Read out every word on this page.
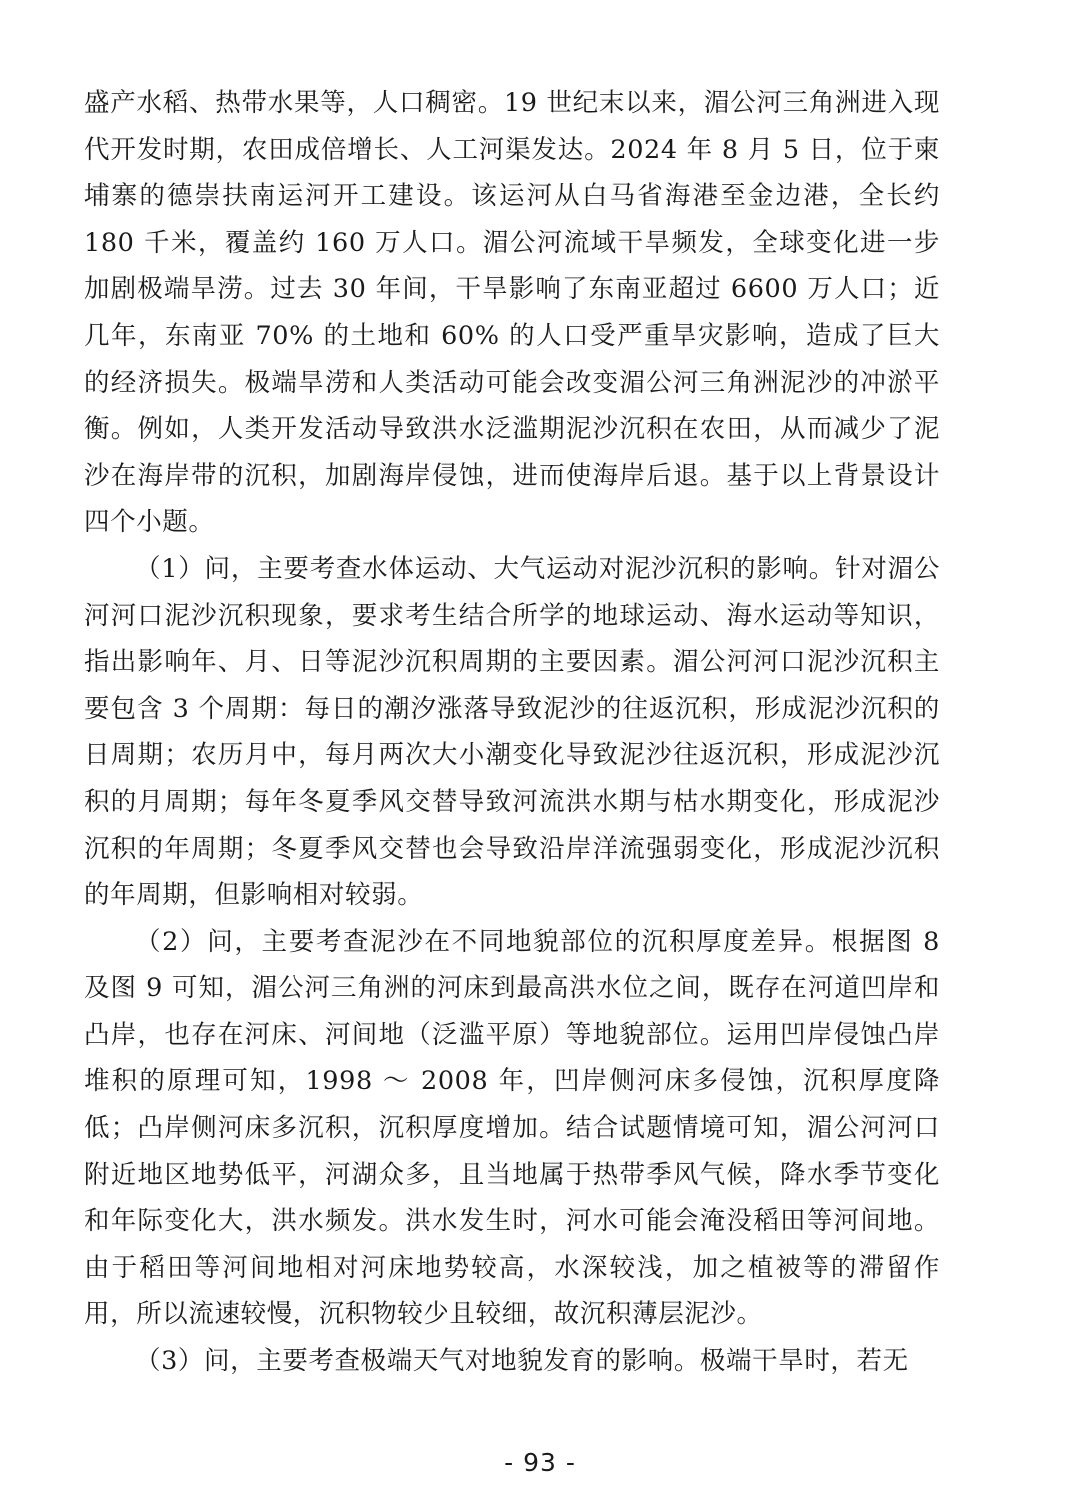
盛产水稻、热带水果等，人口稠密。19 世纪末以来，湄公河三角洲进入现代开发时期，农田成倍增长、人工河渠发达。2024 年 8 月 5 日，位于柬埔寨的德崇扶南运河开工建设。该运河从白马省海港至金边港，全长约 180 千米，覆盖约 160 万人口。湄公河流域干旱频发，全球变化进一步加剧极端旱涝。过去 30 年间，干旱影响了东南亚超过 6600 万人口；近几年，东南亚 70% 的土地和 60% 的人口受严重旱灾影响，造成了巨大的经济损失。极端旱涝和人类活动可能会改变湄公河三角洲泥沙的冲淤平衡。例如，人类开发活动导致洪水泛滥期泥沙沉积在农田，从而减少了泥沙在海岸带的沉积，加剧海岸侵蚀，进而使海岸后退。基于以上背景设计四个小题。

（1）问，主要考查水体运动、大气运动对泥沙沉积的影响。针对湄公河河口泥沙沉积现象，要求考生结合所学的地球运动、海水运动等知识，指出影响年、月、日等泥沙沉积周期的主要因素。湄公河河口泥沙沉积主要包含 3 个周期：每日的潮汐涨落导致泥沙的往返沉积，形成泥沙沉积的日周期；农历月中，每月两次大小潮变化导致泥沙往返沉积，形成泥沙沉积的月周期；每年冬夏季风交替导致河流洪水期与枯水期变化，形成泥沙沉积的年周期；冬夏季风交替也会导致沿岸洋流强弱变化，形成泥沙沉积的年周期，但影响相对较弱。

（2）问，主要考查泥沙在不同地貌部位的沉积厚度差异。根据图 8 及图 9 可知，湄公河三角洲的河床到最高洪水位之间，既存在河道凹岸和凸岸，也存在河床、河间地（泛滥平原）等地貌部位。运用凹岸侵蚀凸岸堆积的原理可知，1998 ～ 2008 年，凹岸侧河床多侵蚀，沉积厚度降低；凸岸侧河床多沉积，沉积厚度增加。结合试题情境可知，湄公河河口附近地区地势低平，河湖众多，且当地属于热带季风气候，降水季节变化和年际变化大，洪水频发。洪水发生时，河水可能会淹没稻田等河间地。由于稻田等河间地相对河床地势较高，水深较浅，加之植被等的滞留作用，所以流速较慢，沉积物较少且较细，故沉积薄层泥沙。

（3）问，主要考查极端天气对地貌发育的影响。极端干旱时，若无

- 93 -
